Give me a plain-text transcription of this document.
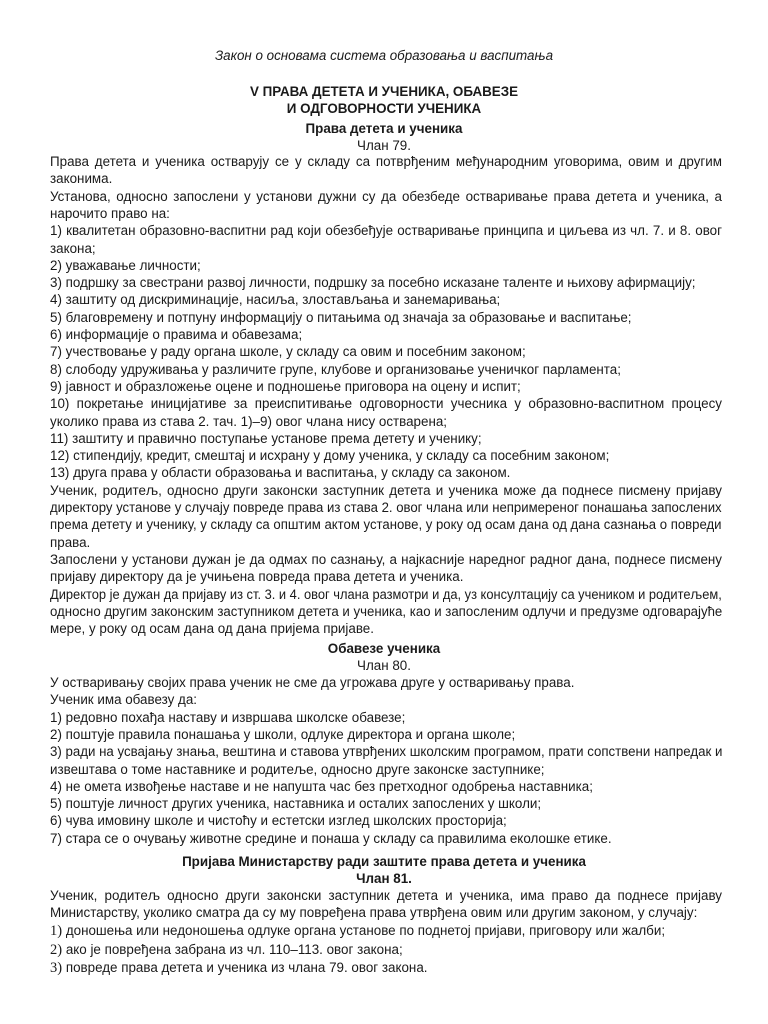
Закон о основама система образовања и васпитања
V ПРАВА ДЕТЕТА И УЧЕНИКА, ОБАВЕЗЕ
И ОДГОВОРНОСТИ УЧЕНИКА
Права детета и ученика
Члан 79.
Права детета и ученика остварују се у складу са потврђеним међународним уговорима, овим и другим
законима.
Установа, односно запослени у установи дужни су да обезбеде остваривање права детета и ученика, а
нарочито право на:
1) квалитетан образовно-васпитни рад који обезбеђује остваривање принципа и циљева из чл. 7. и 8. овог
закона;
2) уважавање личности;
3) подршку за свестрани развој личности, подршку за посебно исказане таленте и њихову афирмацију;
4) заштиту од дискриминације, насиља, злостављања и занемаривања;
5) благовремену и потпуну информацију о питањима од значаја за образовање и васпитање;
6) информације о правима и обавезама;
7) учествовање у раду органа школе, у складу са овим и посебним законом;
8) слободу удруживања у различите групе, клубове и организовање ученичког парламента;
9) јавност и образложење оцене и подношење приговора на оцену и испит;
10) покретање иницијативе за преиспитивање одговорности учесника у образовно-васпитном процесу
уколико права из става 2. тач. 1)–9) овог члана нису остварена;
11) заштиту и правично поступање установе према детету и ученику;
12) стипендију, кредит, смештај и исхрану у дому ученика, у складу са посебним законом;
13) друга права у области образовања и васпитања, у складу са законом.
Ученик, родитељ, односно други законски заступник детета и ученика може да поднесе писмену пријаву
директору установе у случају повреде права из става 2. овог члана или непримереног понашања запослених
према детету и ученику, у складу са општим актом установе, у року од осам дана од дана сазнања о повреди
права.
Запослени у установи дужан је да одмах по сазнању, а најкасније наредног радног дана, поднесе писмену
пријаву директору да је учињена повреда права детета и ученика.
Директор је дужан да пријаву из ст. 3. и 4. овог члана размотри и да, уз консултацију са учеником и родитељем,
односно другим законским заступником детета и ученика, као и запосленим одлучи и предузме одговарајуће
мере, у року од осам дана од дана пријема пријаве.
Обавезе ученика
Члан 80.
У остваривању својих права ученик не сме да угрожава друге у остваривању права.
Ученик има обавезу да:
1) редовно похађа наставу и извршава школске обавезе;
2) поштује правила понашања у школи, одлуке директора и органа школе;
3) ради на усвајању знања, вештина и ставова утврђених школским програмом, прати сопствени напредак и
извештава о томе наставнике и родитеље, односно друге законске заступнике;
4) не омета извођење наставе и не напушта час без претходног одобрења наставника;
5) поштује личност других ученика, наставника и осталих запослених у школи;
6) чува имовину школе и чистоћу и естетски изглед школских просторија;
7) стара се о очувању животне средине и понаша у складу са правилима еколошке етике.
Пријава Министарству ради заштите права детета и ученика
Члан 81.
Ученик, родитељ односно други законски заступник детета и ученика, има право да поднесе пријаву
Министарству, уколико сматра да су му повређена права утврђена овим или другим законом, у случају:
1) доношења или недоношења одлуке органа установе по поднетој пријави, приговору или жалби;
2) ако је повређена забрана из чл. 110–113. овог закона;
3) повреде права детета и ученика из члана 79. овог закона.
